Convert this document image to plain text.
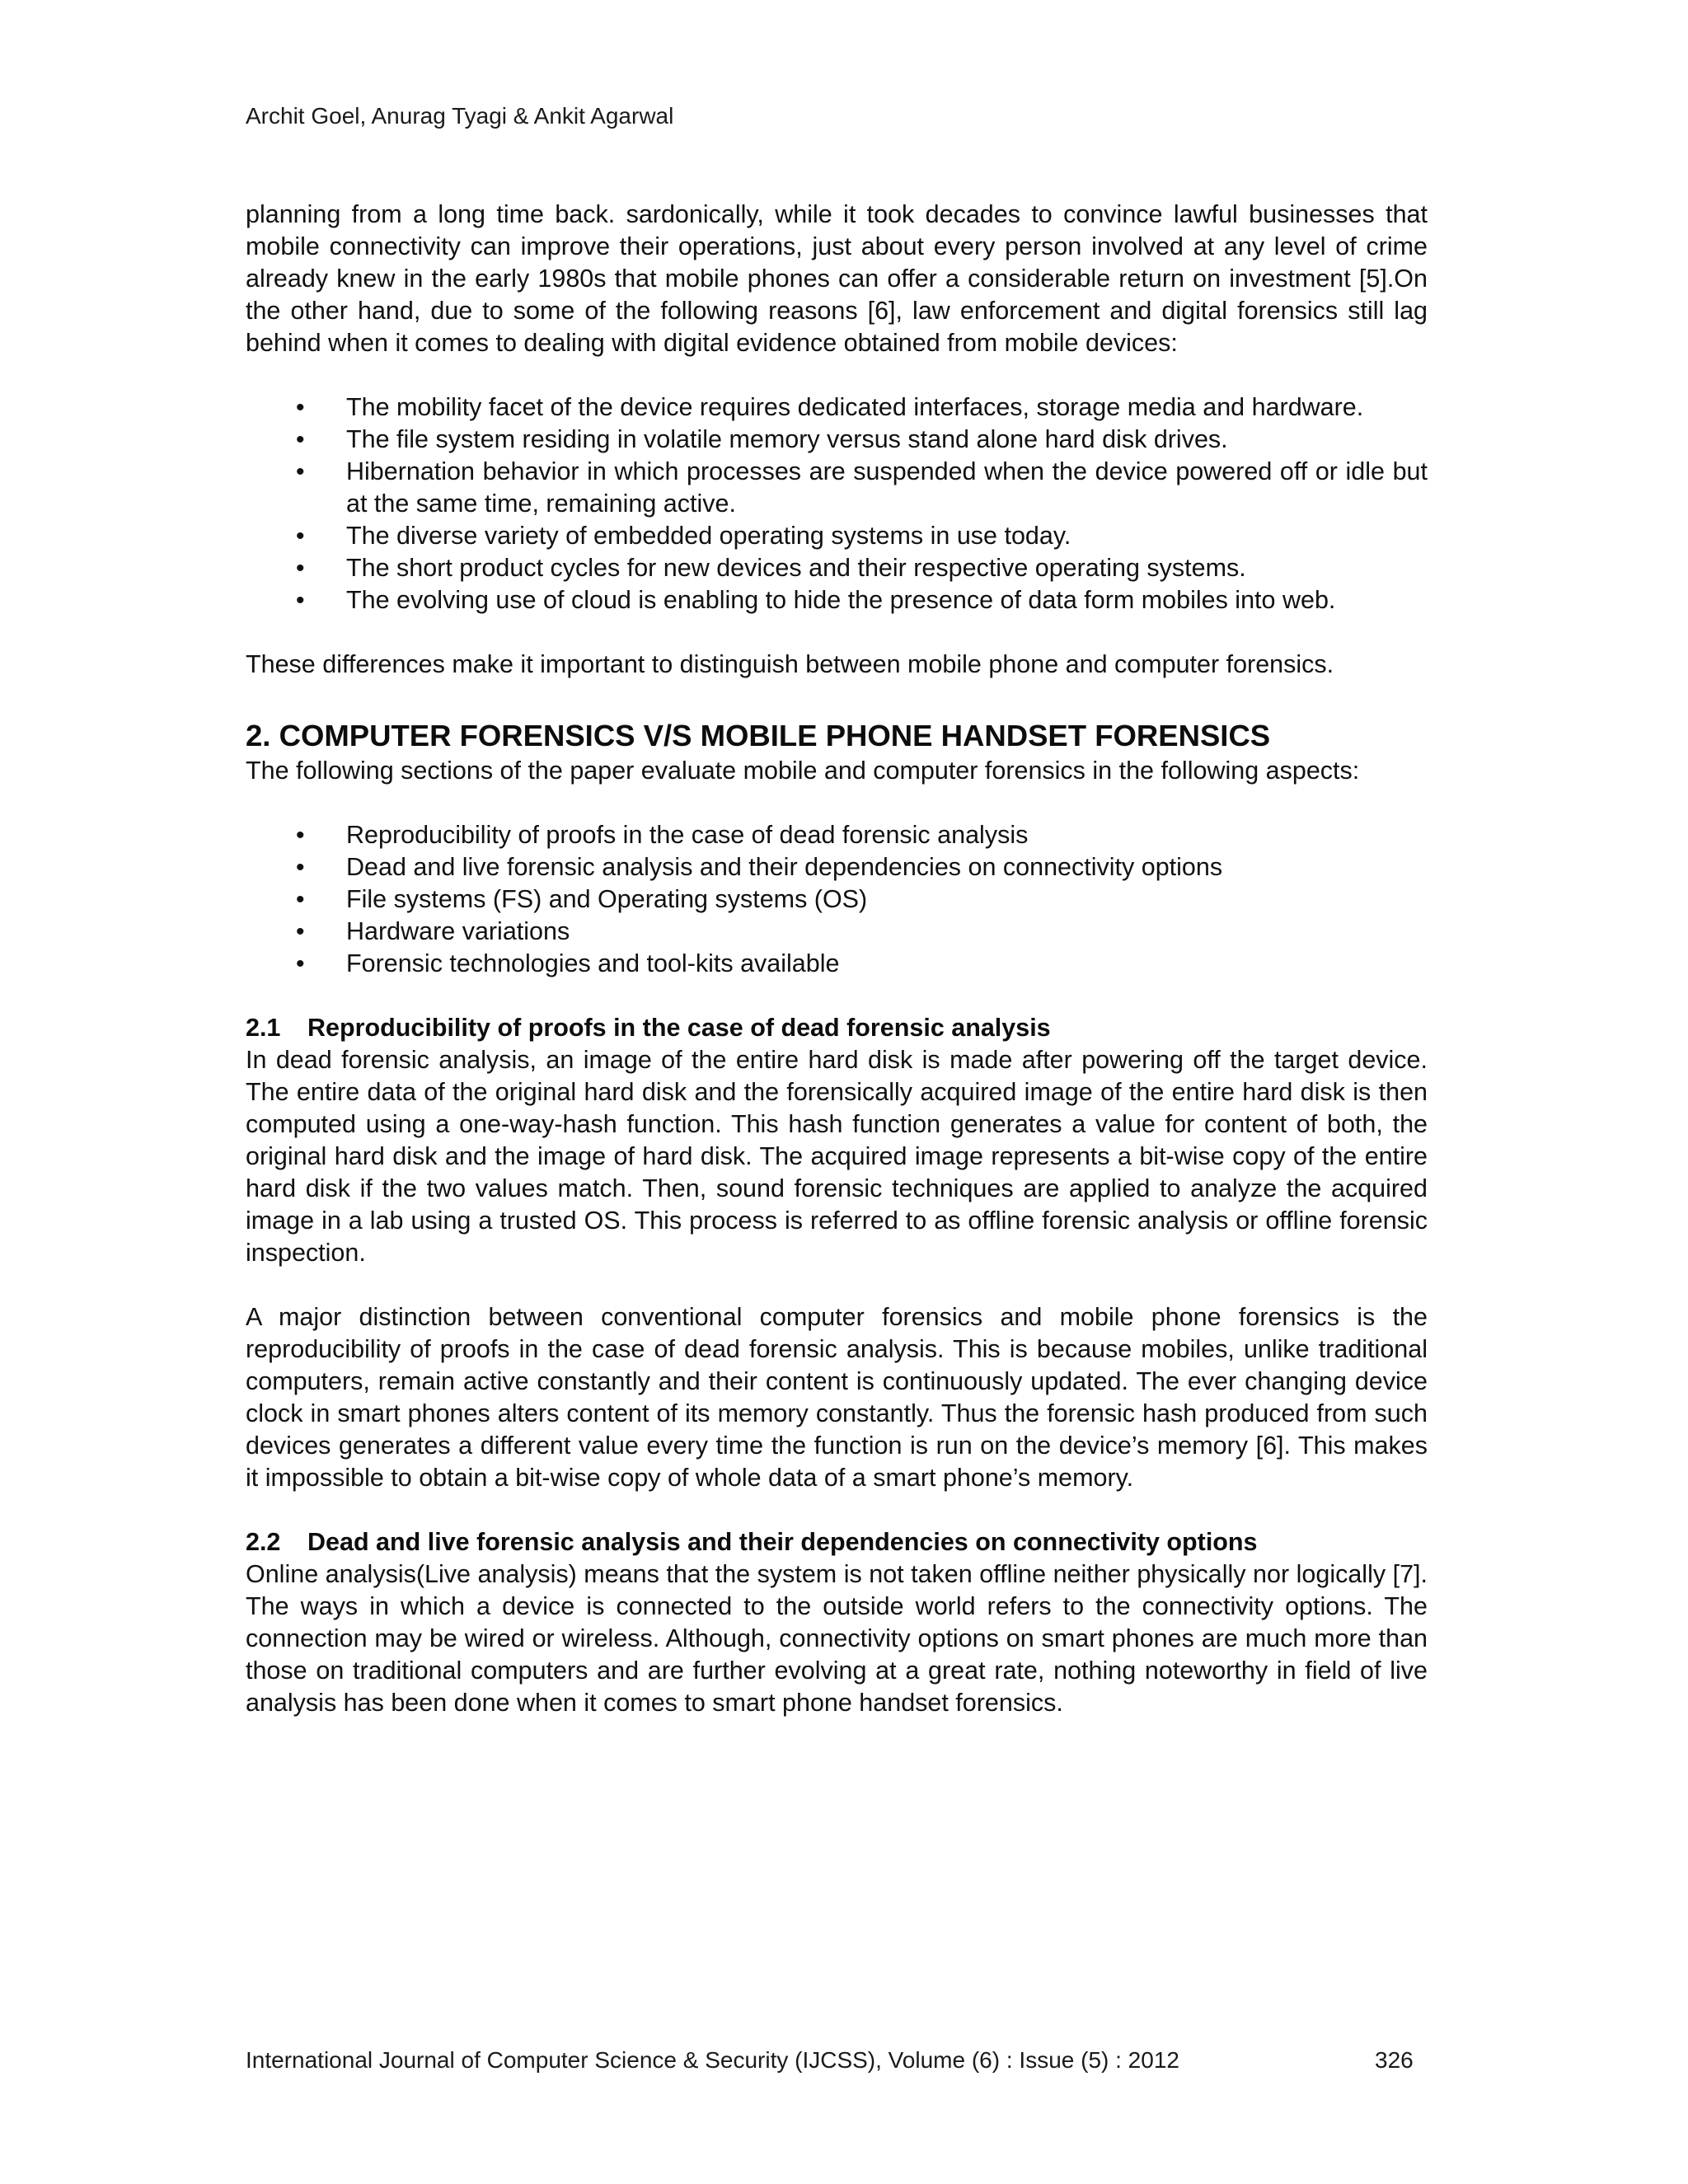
Archit Goel, Anurag Tyagi & Ankit Agarwal

planning from a long time back. sardonically, while it took decades to convince lawful businesses that mobile connectivity can improve their operations, just about every person involved at any level of crime already knew in the early 1980s that mobile phones can offer a considerable return on investment [5].On the other hand, due to some of the following reasons [6], law enforcement and digital forensics still lag behind when it comes to dealing with digital evidence obtained from mobile devices:

• The mobility facet of the device requires dedicated interfaces, storage media and hardware.
• The file system residing in volatile memory versus stand alone hard disk drives.
• Hibernation behavior in which processes are suspended when the device powered off or idle but at the same time, remaining active.
• The diverse variety of embedded operating systems in use today.
• The short product cycles for new devices and their respective operating systems.
• The evolving use of cloud is enabling to hide the presence of data form mobiles into web.

These differences make it important to distinguish between mobile phone and computer forensics.

2. COMPUTER FORENSICS V/S MOBILE PHONE HANDSET FORENSICS

The following sections of the paper evaluate mobile and computer forensics in the following aspects:

• Reproducibility of proofs in the case of dead forensic analysis
• Dead and live forensic analysis and their dependencies on connectivity options
• File systems (FS) and Operating systems (OS)
• Hardware variations
• Forensic technologies and tool-kits available
2.1 Reproducibility of proofs in the case of dead forensic analysis

In dead forensic analysis, an image of the entire hard disk is made after powering off the target device. The entire data of the original hard disk and the forensically acquired image of the entire hard disk is then computed using a one-way-hash function. This hash function generates a value for content of both, the original hard disk and the image of hard disk. The acquired image represents a bit-wise copy of the entire hard disk if the two values match. Then, sound forensic techniques are applied to analyze the acquired image in a lab using a trusted OS. This process is referred to as offline forensic analysis or offline forensic inspection.

A major distinction between conventional computer forensics and mobile phone forensics is the reproducibility of proofs in the case of dead forensic analysis. This is because mobiles, unlike traditional computers, remain active constantly and their content is continuously updated. The ever changing device clock in smart phones alters content of its memory constantly. Thus the forensic hash produced from such devices generates a different value every time the function is run on the device’s memory [6]. This makes it impossible to obtain a bit-wise copy of whole data of a smart phone’s memory.

2.2 Dead and live forensic analysis and their dependencies on connectivity options

Online analysis(Live analysis) means that the system is not taken offline neither physically nor logically [7]. The ways in which a device is connected to the outside world refers to the connectivity options. The connection may be wired or wireless. Although, connectivity options on smart phones are much more than those on traditional computers and are further evolving at a great rate, nothing noteworthy in field of live analysis has been done when it comes to smart phone handset forensics.

International Journal of Computer Science & Security (IJCSS), Volume (6) : Issue (5) : 2012	326
